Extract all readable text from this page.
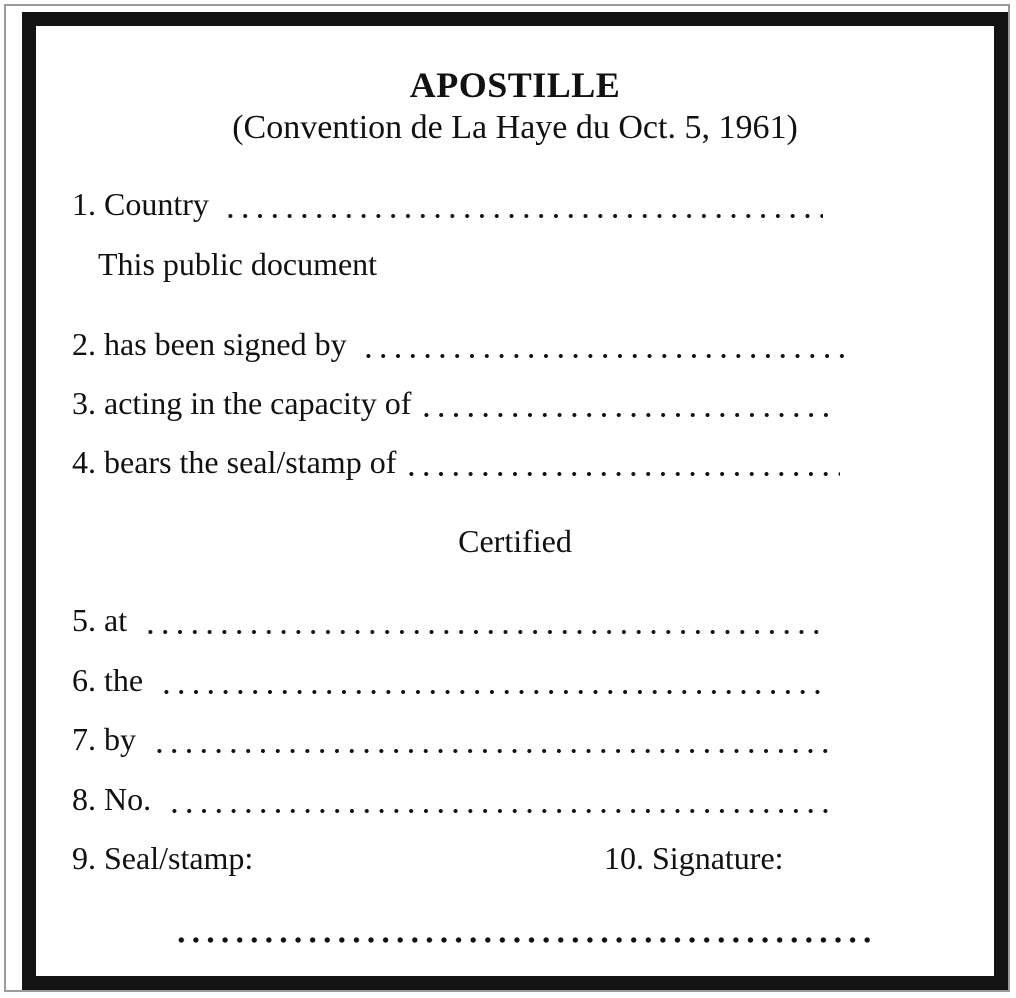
APOSTILLE
(Convention de La Haye du Oct. 5, 1961)
1. Country
This public document
2. has been signed by
3. acting in the capacity of
4. bears the seal/stamp of
Certified
5. at
6. the
7. by
8. No.
9. Seal/stamp:	10. Signature:
